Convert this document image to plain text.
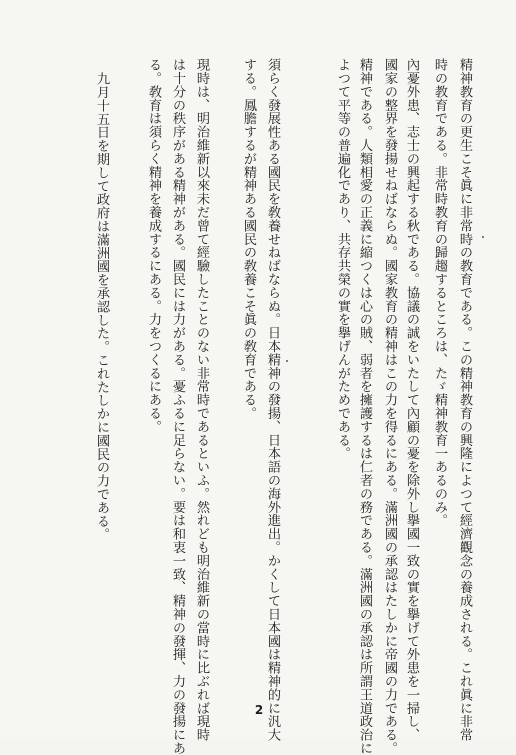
精神教育の更生こそ眞に非常時の教育である。この精神教育の興隆によつて經濟觀念の養成される。これ眞に非常
時の教育である。非常時教育の歸趨するところは、たゞ精神教育一あるのみ。
內憂外患、志士の興起する秋である。協議の誠をいたして內顧の憂を除外し擧國一致の實を擧げて外患を一掃し、
國家の整界を發揚せねばならぬ。國家教育の精神はこの力を得るにある。滿洲國の承認はたしかに帝國の力である。
精神である。人類相愛の正義に縮つくは心の賊、弱者を擁護するは仁者の務である。滿洲國の承認は所謂王道政治に
よつて平等の普遍化であり、共存共榮の實を擧げんがためである。
須らく發展性ある國民を敎養せねばならぬ。日本精神の發揚、日本語の海外進出。かくして日本國は精神的に汎大
する。鳳膽するが精神ある國民の敎養こそ眞の敎育である。
現時は、明治維新以來未だ曾て經驗したことのない非常時であるといふ。然れども明治維新の當時に比ぶれば現時
は十分の秩序がある精神がある。國民には力がある。憂ふるに足らない。要は和衷一致、精神の發揮、力の發揚にあ
る。敎育は須らく精神を養成するにある。力をつくるにある。
九月十五日を期して政府は滿洲國を承認した。これたしかに國民の力である。
2
